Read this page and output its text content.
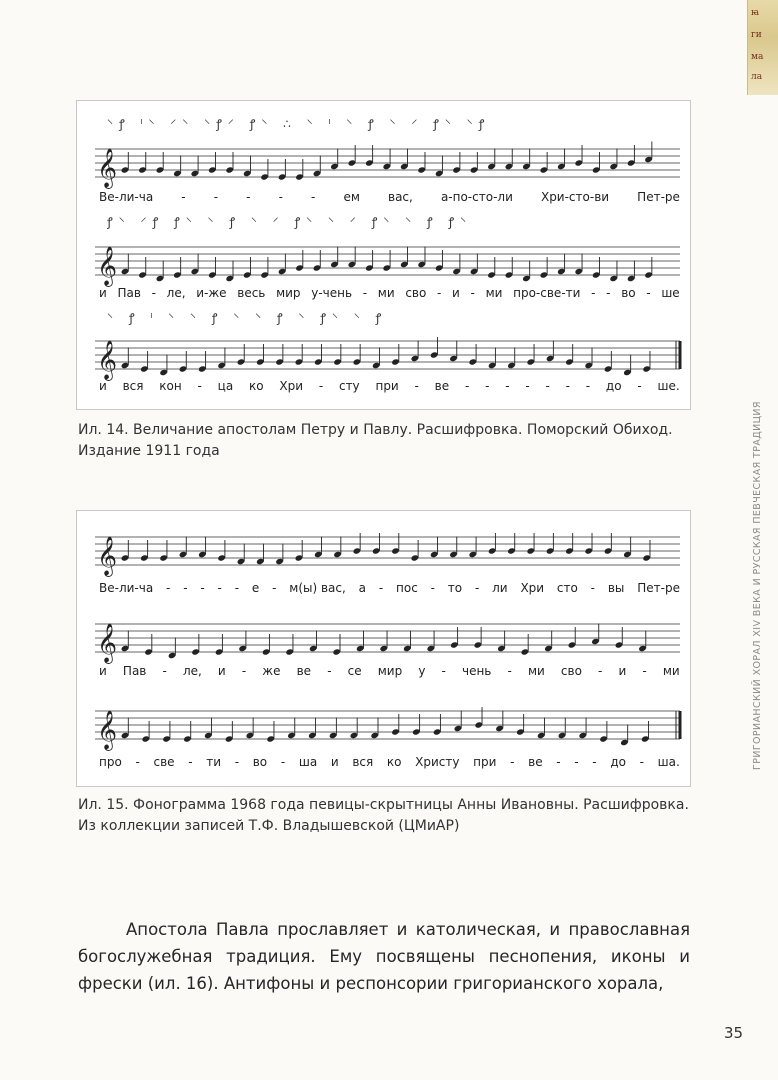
ꙗ
ги
ма
ла
ГРИГОРИАНСКИЙ ХОРАЛ XIV ВЕКА И РУССКАЯ ПЕВЧЕСКАЯ ТРАДИЦИЯ
⸌ꝭ ˡ⸌ ⸍⸌ ⸌ꝭ⸍ ꝭ⸌ ∴ ⸌ ˡ ⸌ ꝭ ⸌ ⸍ ꝭ⸌ ⸌ꝭ
𝄞
Ве-ли-ча - - - - - ем вас, а-по-сто-ли Хри-сто-ви Пет-ре
ꝭ⸌ ⸍ꝭ ꝭ⸌ ⸌ ꝭ ⸌ ⸍ ꝭ⸌ ⸌ ⸍ ꝭ⸌ ⸌ ꝭ ꝭ⸌
𝄞
и Пав - ле, и-же весь мир у-чень - ми сво - и - ми про-све-ти - - во - ше
⸌ ꝭ ˡ ⸌ ⸌ ꝭ ⸌ ⸌ ꝭ ⸌ ꝭ⸌ ⸌ ꝭ
𝄞
и вся кон - ца ко Хри - сту при - ве - - - - - - - до - ше.
Ил. 14. Величание апостолам Петру и Павлу. Расшифровка. Поморский Обиход. Издание 1911 года
𝄞
Ве-ли-ча - - - - - е - м(ы) вас, а - пос - то - ли Хри сто - вы Пет-ре
𝄞
и Пав - ле, и - же ве - се мир у - чень - ми сво - и - ми
𝄞
про - све - ти - во - ша и вся ко Христу при - ве - - - до - ша.
Ил. 15. Фонограмма 1968 года певицы-скрытницы Анны Ивановны. Расшифровка. Из коллекции записей Т.Ф. Владышевской (ЦМиАР)

Апостола Павла прославляет и католическая, и православная богослужебная традиция. Ему посвящены песнопения, иконы и фрески (ил. 16). Антифоны и респонсории григорианского хорала,

35
